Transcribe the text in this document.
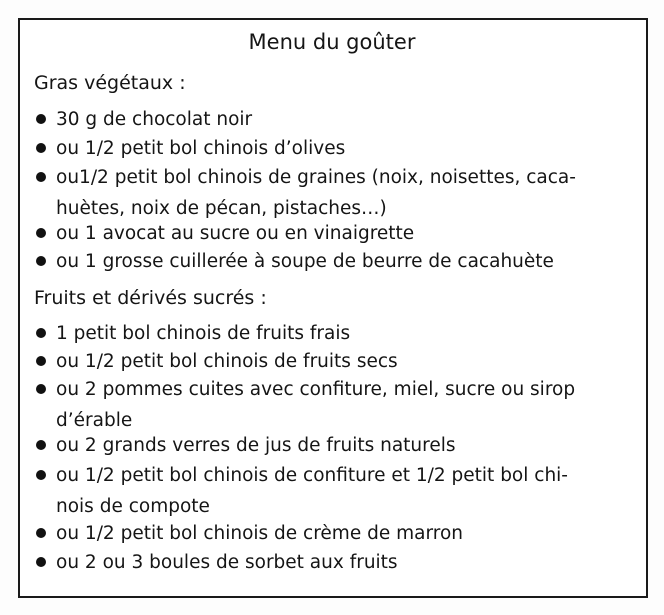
Menu du goûter
Gras végétaux :
30 g de chocolat noir
ou 1/2 petit bol chinois d’olives
ou1/2 petit bol chinois de graines (noix, noisettes, caca-
huètes, noix de pécan, pistaches…)
ou 1 avocat au sucre ou en vinaigrette
ou 1 grosse cuillerée à soupe de beurre de cacahuète
Fruits et dérivés sucrés :
1 petit bol chinois de fruits frais
ou 1/2 petit bol chinois de fruits secs
ou 2 pommes cuites avec confiture, miel, sucre ou sirop
d’érable
ou 2 grands verres de jus de fruits naturels
ou 1/2 petit bol chinois de confiture et 1/2 petit bol chi-
nois de compote
ou 1/2 petit bol chinois de crème de marron
ou 2 ou 3 boules de sorbet aux fruits
